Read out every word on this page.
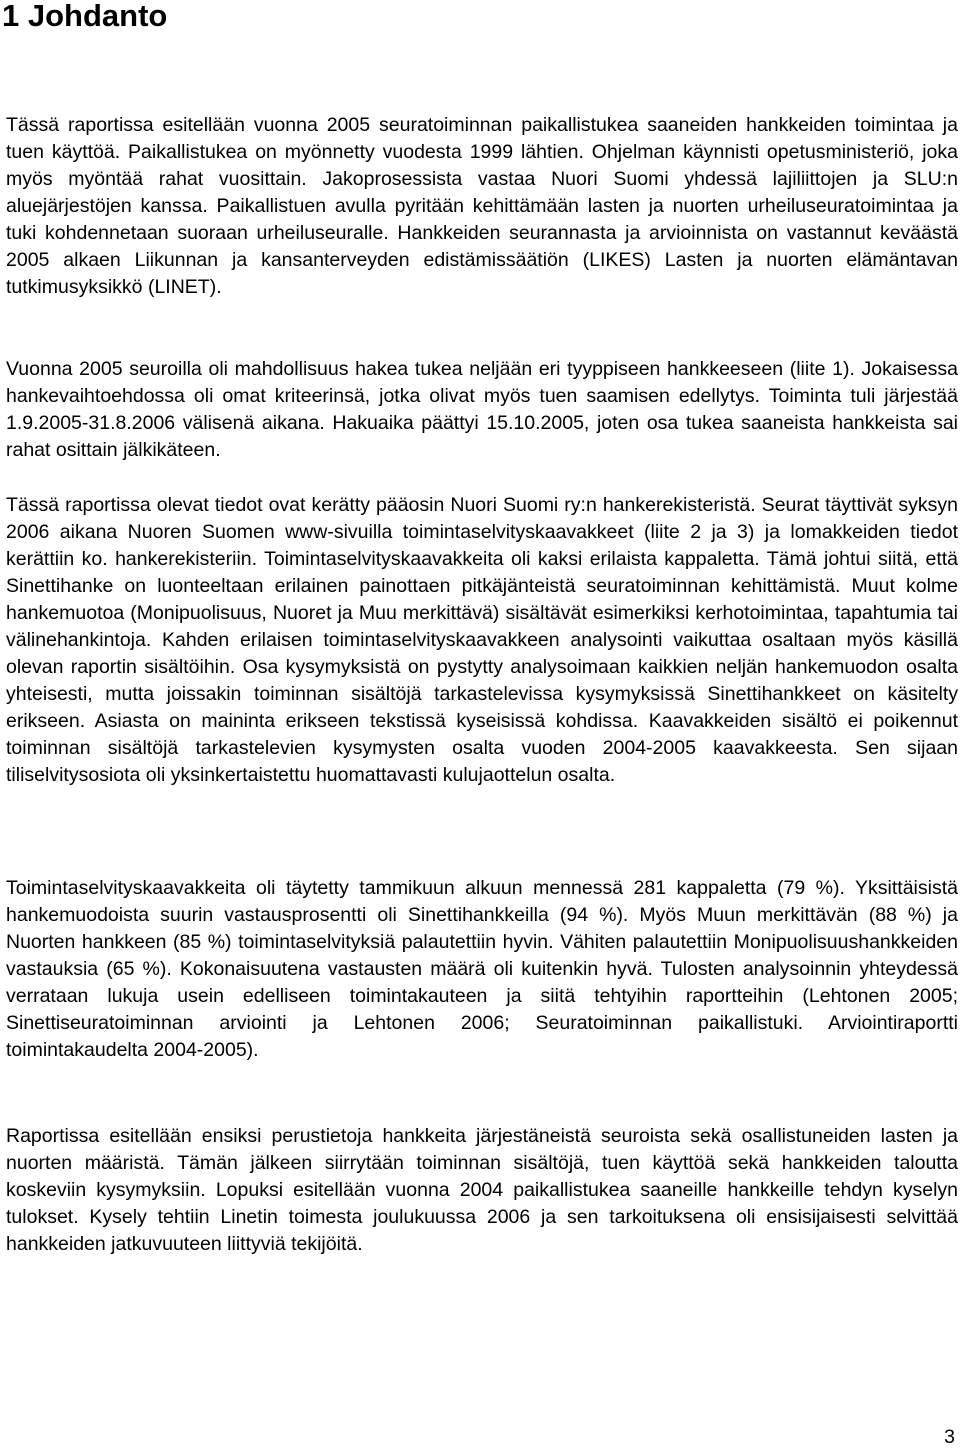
1 Johdanto

Tässä raportissa esitellään vuonna 2005 seuratoiminnan paikallistukea saaneiden hankkeiden toimintaa ja tuen käyttöä. Paikallistukea on myönnetty vuodesta 1999 lähtien. Ohjelman käynnisti opetusministeriö, joka myös myöntää rahat vuosittain. Jakoprosessista vastaa Nuori Suomi yhdessä lajiliittojen ja SLU:n aluejärjestöjen kanssa. Paikallistuen avulla pyritään kehittämään lasten ja nuorten urheiluseuratoimintaa ja tuki kohdennetaan suoraan urheiluseuralle. Hankkeiden seurannasta ja arvioinnista on vastannut keväästä 2005 alkaen Liikunnan ja kansanterveyden edistämissäätiön (LIKES) Lasten ja nuorten elämäntavan tutkimusyksikkö (LINET).

Vuonna 2005 seuroilla oli mahdollisuus hakea tukea neljään eri tyyppiseen hankkeeseen (liite 1). Jokaisessa hankevaihtoehdossa oli omat kriteerinsä, jotka olivat myös tuen saamisen edellytys. Toiminta tuli järjestää 1.9.2005-31.8.2006 välisenä aikana. Hakuaika päättyi 15.10.2005, joten osa tukea saaneista hankkeista sai rahat osittain jälkikäteen.

Tässä raportissa olevat tiedot ovat kerätty pääosin Nuori Suomi ry:n hankerekisteristä. Seurat täyttivät syksyn 2006 aikana Nuoren Suomen www-sivuilla toimintaselvityskaavakkeet (liite 2 ja 3) ja lomakkeiden tiedot kerättiin ko. hankerekisteriin. Toimintaselvityskaavakkeita oli kaksi erilaista kappaletta. Tämä johtui siitä, että Sinettihanke on luonteeltaan erilainen painottaen pitkäjänteistä seuratoiminnan kehittämistä. Muut kolme hankemuotoa (Monipuolisuus, Nuoret ja Muu merkittävä) sisältävät esimerkiksi kerhotoimintaa, tapahtumia tai välinehankintoja. Kahden erilaisen toimintaselvityskaavakkeen analysointi vaikuttaa osaltaan myös käsillä olevan raportin sisältöihin. Osa kysymyksistä on pystytty analysoimaan kaikkien neljän hankemuodon osalta yhteisesti, mutta joissakin toiminnan sisältöjä tarkastelevissa kysymyksissä Sinettihankkeet on käsitelty erikseen. Asiasta on maininta erikseen tekstissä kyseisissä kohdissa. Kaavakkeiden sisältö ei poikennut toiminnan sisältöjä tarkastelevien kysymysten osalta vuoden 2004-2005 kaavakkeesta. Sen sijaan tiliselvitysosiota oli yksinkertaistettu huomattavasti kulujaottelun osalta.

Toimintaselvityskaavakkeita oli täytetty tammikuun alkuun mennessä 281 kappaletta (79 %). Yksittäisistä hankemuodoista suurin vastausprosentti oli Sinettihankkeilla (94 %). Myös Muun merkittävän (88 %) ja Nuorten hankkeen (85 %) toimintaselvityksiä palautettiin hyvin. Vähiten palautettiin Monipuolisuushankkeiden vastauksia (65 %). Kokonaisuutena vastausten määrä oli kuitenkin hyvä. Tulosten analysoinnin yhteydessä verrataan lukuja usein edelliseen toimintakauteen ja siitä tehtyihin raportteihin (Lehtonen 2005; Sinettiseuratoiminnan arviointi ja Lehtonen 2006; Seuratoiminnan paikallistuki. Arviointiraportti toimintakaudelta 2004-2005).

Raportissa esitellään ensiksi perustietoja hankkeita järjestäneistä seuroista sekä osallistuneiden lasten ja nuorten määristä. Tämän jälkeen siirrytään toiminnan sisältöjä, tuen käyttöä sekä hankkeiden taloutta koskeviin kysymyksiin. Lopuksi esitellään vuonna 2004 paikallistukea saaneille hankkeille tehdyn kyselyn tulokset. Kysely tehtiin Linetin toimesta joulukuussa 2006 ja sen tarkoituksena oli ensisijaisesti selvittää hankkeiden jatkuvuuteen liittyviä tekijöitä.

3
